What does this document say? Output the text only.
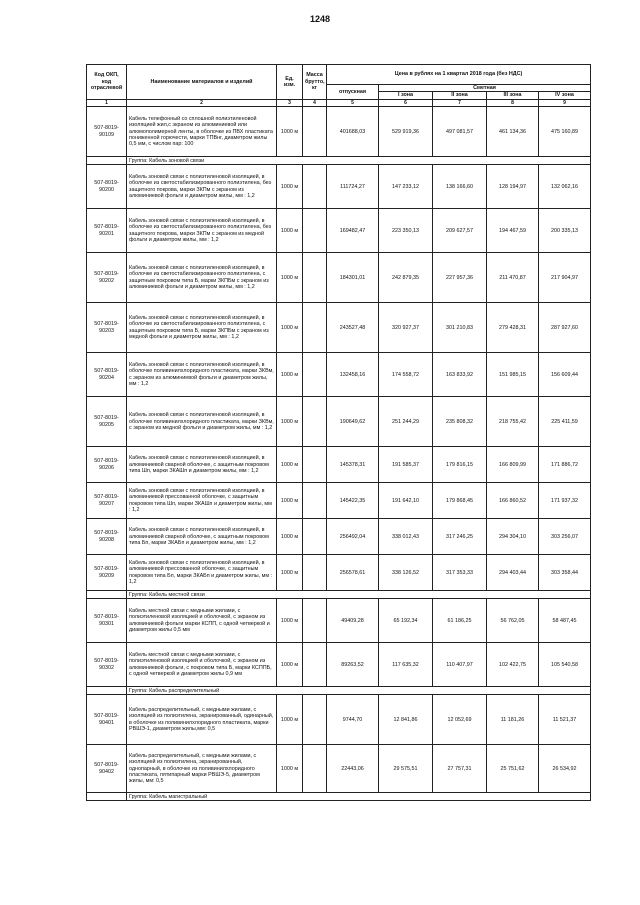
1248
Код ОКП, код отраслевой	Наименование материалов и изделий	Ед. изм.	Масса брутто, кг	Цена в рублях на 1 квартал 2018 года (без НДС)				
				отпускная	Сметная			
					I зона	II зона	III зона	IV зона
1	2	3	4	5	6	7	8	9
507-8019-90109	Кабель телефонный со сплошной полиэтиленовой изоляцией жил,с экраном из алюминиевой или алюмополимерной ленты, в оболочке из ПВХ пластиката пониженной горючести, марки ТПВнг, диаметром жилы 0,5 мм, с числом пар: 100	1000 м		401688,03	529 919,36	497 081,57	461 134,36	475 160,89
	Группа: Кабель зоновой связи							
507-8019-90200	Кабель зоновой связи с полиэтиленовой изоляцией, в оболочке из светостабилизированного полиэтилена, без защитного покрова, марки ЗКПм с экраном из алюминиевой фольги и диаметром жилы, мм : 1,2	1000 м		111724,27	147 233,12	138 166,60	128 194,97	132 062,16
507-8019-90201	Кабель зоновой связи с полиэтиленовой изоляцией, в оболочке из светостабилизированного полиэтилена, без защитного покрова, марки ЗКПм с экраном из медной фольги и диаметром жилы, мм : 1,2	1000 м		169482,47	223 350,13	209 627,57	194 467,59	200 335,13
507-8019-90202	Кабель зоновой связи с полиэтиленовой изоляцией, в оболочке из светостабилизированного полиэтилена, с защитным покровом типа Б, марки ЗКПБм с экраном из алюминиевой фольги и диаметром жилы, мм : 1,2	1000 м		184301,01	242 879,35	227 957,36	211 470,87	217 904,97
507-8019-90203	Кабель зоновой связи с полиэтиленовой изоляцией, в оболочке из светостабилизированного полиэтилена, с защитным покровом типа Б, марки ЗКПБм с экраном из медной фольги и диаметром жилы, мм : 1,2	1000 м		243527,48	320 927,37	301 210,83	279 428,31	287 927,60
507-8019-90204	Кабель зоновой связи с полиэтиленовой изоляцией, в оболочке поливинилхлоридного пластиката, марки ЗКВм, с экраном из алюминиевой фольги и диаметром жилы, мм : 1,2	1000 м		132458,16	174 558,72	163 833,92	151 985,15	156 609,44
507-8019-90205	Кабель зоновой связи с полиэтиленовой изоляцией, в оболочке поливинилхлоридного пластиката, марки ЗКВм, с экраном из медной фольги и диаметром жилы, мм : 1,2	1000 м		190649,62	251 244,29	235 808,32	218 755,42	225 411,59
507-8019-90206	Кабель зоновой связи с полиэтиленовой изоляцией, в алюминиевой сварной оболочке, с защитным покровом типа Шп, марки ЗКАШп и диаметром жилы, мм : 1,2	1000 м		145378,31	191 585,37	179 816,15	166 809,99	171 886,72
507-8019-90207	Кабель зоновой связи с полиэтиленовой изоляцией, в алюминиевой прессованной оболочке, с защитным покровом типа Шп, марки ЗКАШп и диаметром жилы, мм : 1,2	1000 м		145422,35	191 642,10	179 868,45	166 860,52	171 937,32
507-8019-90208	Кабель зоновой связи с полиэтиленовой изоляцией, в алюминиевой сварной оболочке, с защитным покровом типа Бп, марки ЗКАБп и диаметром жилы, мм : 1,2	1000 м		256492,04	338 012,43	317 246,25	294 304,10	303 256,07
507-8019-90209	Кабель зоновой связи с полиэтиленовой изоляцией, в алюминиевой прессованной оболочке, с защитным покровом типа Бп, марки ЗКАБп и диаметром жилы, мм : 1,2	1000 м		256578,61	338 126,52	317 353,33	294 403,44	303 358,44
	Группа: Кабель местной связи							
507-8019-90301	Кабель местной связи с медными жилами, с полиэтиленовой изоляцией и оболочкой, с экраном из алюминиевой фольги марки КСПП, с одной четверкой и диаметром жилы 0,5 мм	1000 м		49409,28	65 192,34	61 186,25	56 762,05	58 487,45
507-8019-90302	Кабель местной связи с медными жилами, с полиэтиленовой изоляцией и оболочкой, с экраном из алюминиевой фольги, с покровом типа Б, марки КСППБ, с одной четверкой и диаметром жилы 0,9 мм	1000 м		89263,52	117 635,32	110 407,97	102 422,75	105 540,58
	Группа: Кабель распределительный							
507-8019-90401	Кабель распределительный, с медными жилами, с изоляцией из полиэтилена, экранированный, одинарный, в оболочке из поливинилхлоридного пластиката, марки РВШЭ-1, диаметром жилы,мм: 0,5	1000 м		9744,70	12 841,86	12 052,69	11 181,26	11 521,37
507-8019-90402	Кабель распределительный, с медными жилами, с изоляцией из полиэтилена, экранированный, однопарный, в оболочке из поливинилхлоридного пластиката, пятипарный марки РВШЭ-5, диаметром жилы, мм: 0,5	1000 м		22443,06	29 575,51	27 757,31	25 751,62	26 534,92
	Группа: Кабель магистральный							
